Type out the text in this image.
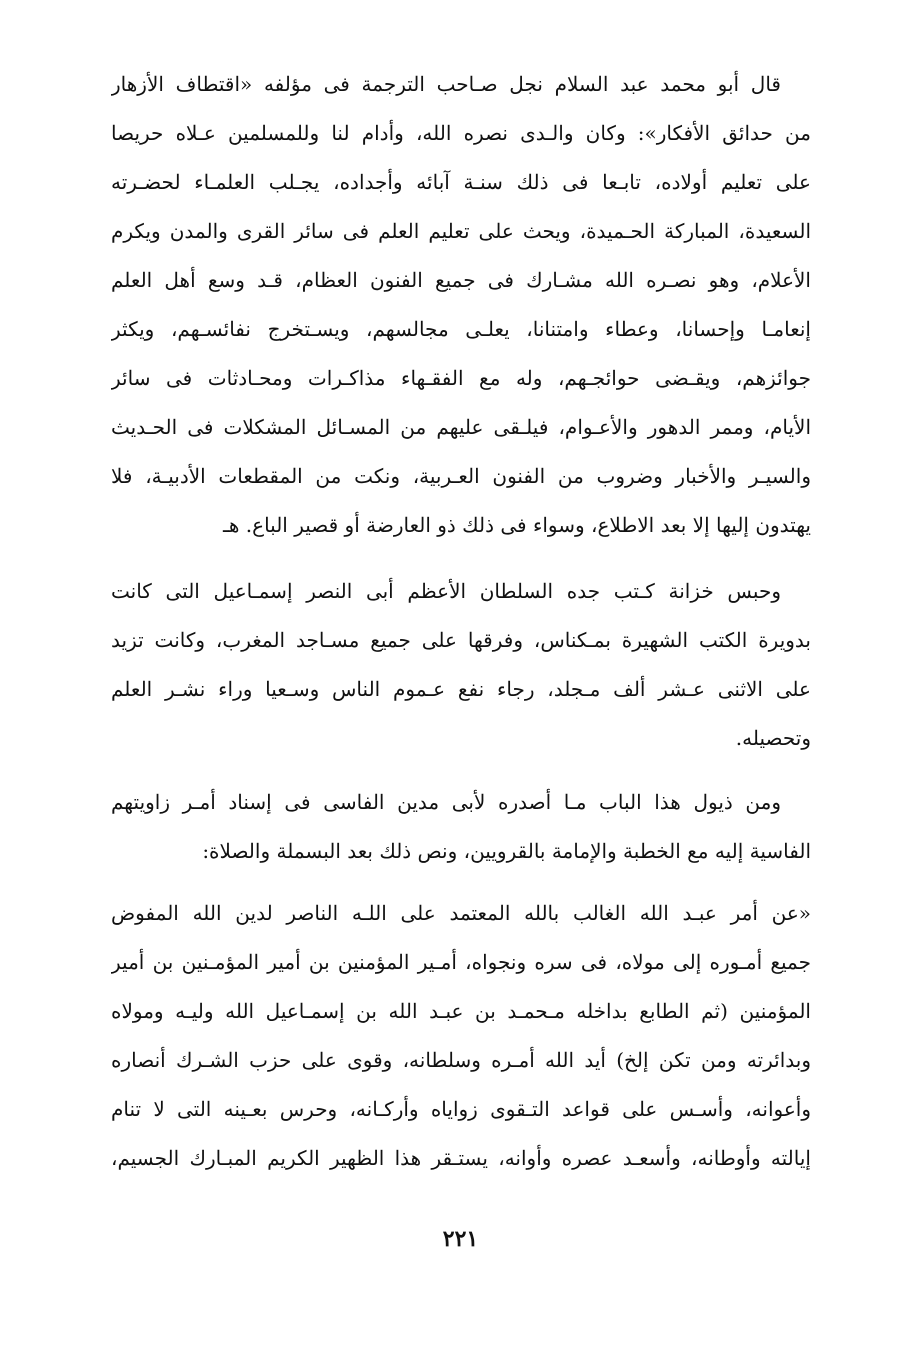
قال أبو محمد عبد السلام نجل صـاحب الترجمة فى مؤلفه «اقتطاف الأزهار
من حدائق الأفكار»: وكان والـدى نصره الله، وأدام لنا وللمسلمين عـلاه حريصا
على تعليم أولاده، تابـعا فى ذلك سنـة آبائه وأجداده، يجـلب العلمـاء لحضـرته
السعيدة، المباركة الحـميدة، ويحث على تعليم العلم فى سائر القرى والمدن ويكرم
الأعلام، وهو نصـره الله مشـارك فى جميع الفنون العظام، قـد وسع أهل العلم
إنعامـا وإحسانا، وعطاء وامتنانا، يعلـى مجالسهم، ويسـتخرج نفائسـهم، ويكثر
جوائزهم، ويقـضى حوائجـهم، وله مع الفقـهاء مذاكـرات ومحـادثات فى سائر
الأيام، وممر الدهور والأعـوام، فيلـقى عليهم من المسـائل المشكلات فى الحـديث
والسيـر والأخبار وضروب من الفنون العـربية، ونكت من المقطعات الأدبيـة، فلا
يهتدون إليها إلا بعد الاطلاع، وسواء فى ذلك ذو العارضة أو قصير الباع. هـ
وحبس خزانة كـتب جده السلطان الأعظم أبى النصر إسمـاعيل التى كانت
بدويرة الكتب الشهيرة بمـكناس، وفرقها على جميع مسـاجد المغرب، وكانت تزيد
على الاثنى عـشر ألف مـجلد، رجاء نفع عـموم الناس وسـعيا وراء نشـر العلم
وتحصيله.
ومن ذيول هذا الباب مـا أصدره لأبى مدين الفاسى فى إسناد أمـر زاويتهم
الفاسية إليه مع الخطبة والإمامة بالقرويين، ونص ذلك بعد البسملة والصلاة:
«عن أمر عبـد الله الغالب بالله المعتمد على اللـه الناصر لدين الله المفوض
جميع أمـوره إلى مولاه، فى سره ونجواه، أمـير المؤمنين بن أمير المؤمـنين بن أمير
المؤمنين (ثم الطابع بداخله مـحمـد بن عبـد الله بن إسمـاعيل الله وليـه ومولاه
وبدائرته ومن تكن إلخ) أيد الله أمـره وسلطانه، وقوى على حزب الشـرك أنصاره
وأعوانه، وأسـس على قواعد التـقوى زواياه وأركـانه، وحرس بعـينه التى لا تنام
إيالته وأوطانه، وأسعـد عصره وأوانه، يستـقر هذا الظهير الكريم المبـارك الجسيم،
٢٢١
